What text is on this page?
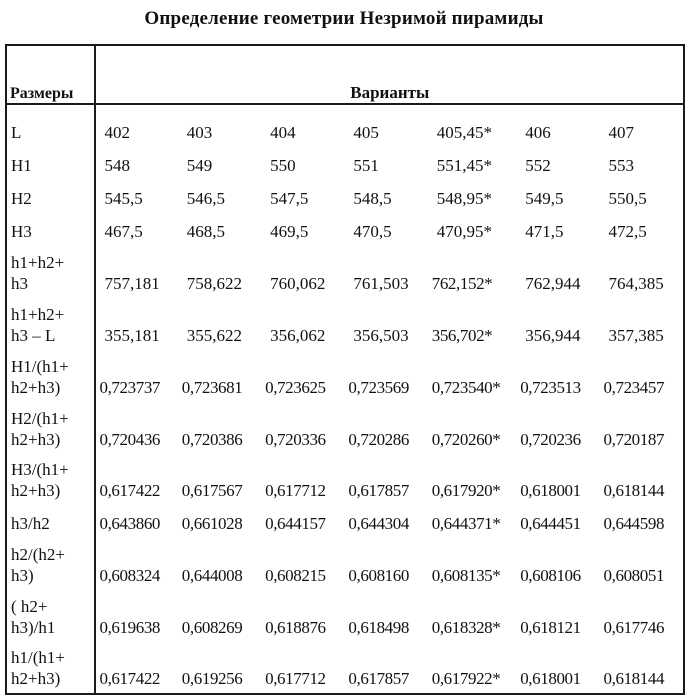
Определение геометрии Незримой пирамиды
Размеры	Варианты						

L	402	403	404	405	405,45*	406	407

H1	548	549	550	551	551,45*	552	553

H2	545,5	546,5	547,5	548,5	548,95*	549,5	550,5

H3	467,5	468,5	469,5	470,5	470,95*	471,5	472,5

h1+h2+
h3	757,181	758,622	760,062	761,503	762,152*	762,944	764,385

h1+h2+
h3 – L	355,181	355,622	356,062	356,503	356,702*	356,944	357,385

H1/(h1+
h2+h3)	0,723737	0,723681	0,723625	0,723569	0,723540*	0,723513	0,723457

H2/(h1+
h2+h3)	0,720436	0,720386	0,720336	0,720286	0,720260*	0,720236	0,720187

H3/(h1+
h2+h3)	0,617422	0,617567	0,617712	0,617857	0,617920*	0,618001	0,618144

h3/h2	0,643860	0,661028	0,644157	0,644304	0,644371*	0,644451	0,644598

h2/(h2+
h3)	0,608324	0,644008	0,608215	0,608160	0,608135*	0,608106	0,608051

( h2+
h3)/h1	0,619638	0,608269	0,618876	0,618498	0,618328*	0,618121	0,617746

h1/(h1+
h2+h3)	0,617422	0,619256	0,617712	0,617857	0,617922*	0,618001	0,618144
